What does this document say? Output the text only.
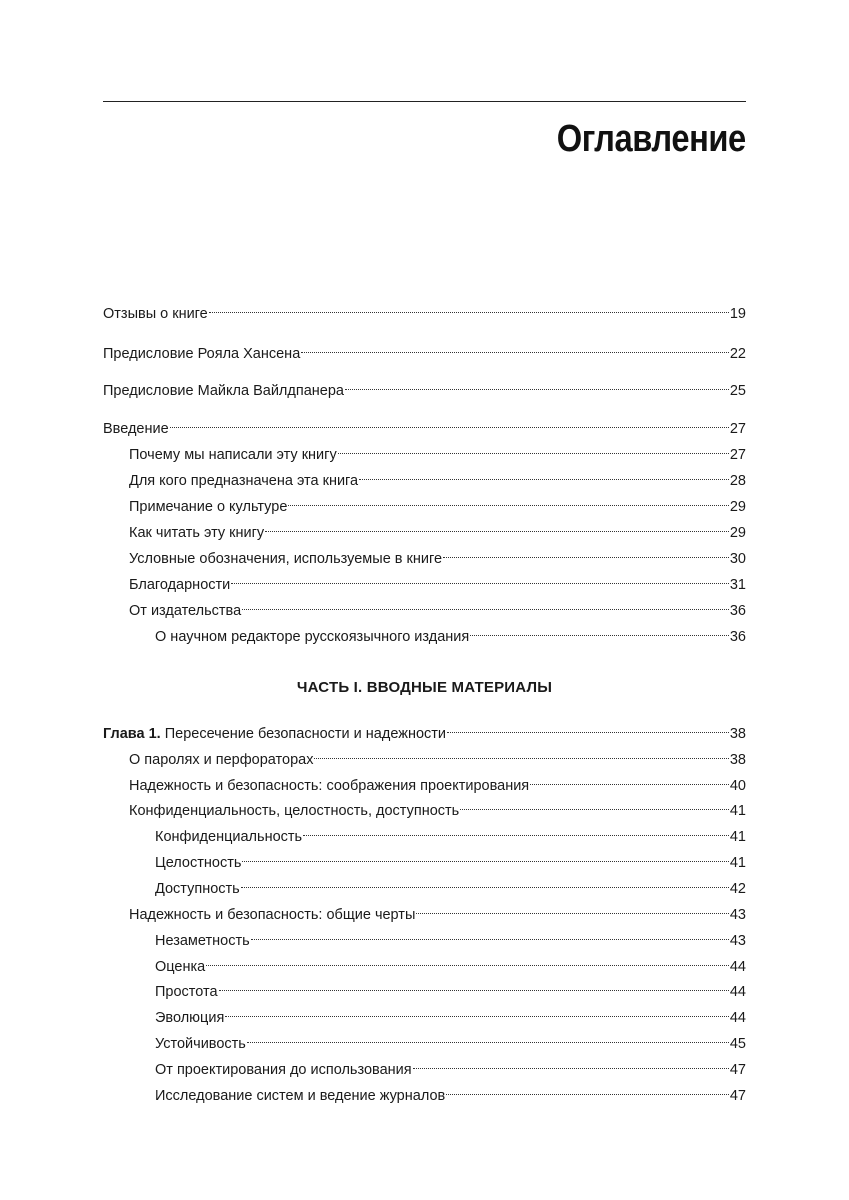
Оглавление
Отзывы о книге	19
Предисловие Рояла Хансена	22
Предисловие Майкла Вайлдпанера	25
Введение	27
Почему мы написали эту книгу	27
Для кого предназначена эта книга	28
Примечание о культуре	29
Как читать эту книгу	29
Условные обозначения, используемые в книге	30
Благодарности	31
От издательства	36
О научном редакторе русскоязычного издания	36
ЧАСТЬ I. ВВОДНЫЕ МАТЕРИАЛЫ
Глава 1. Пересечение безопасности и надежности	38
О паролях и перфораторах	38
Надежность и безопасность: соображения проектирования	40
Конфиденциальность, целостность, доступность	41
Конфиденциальность	41
Целостность	41
Доступность	42
Надежность и безопасность: общие черты	43
Незаметность	43
Оценка	44
Простота	44
Эволюция	44
Устойчивость	45
От проектирования до использования	47
Исследование систем и ведение журналов	47
